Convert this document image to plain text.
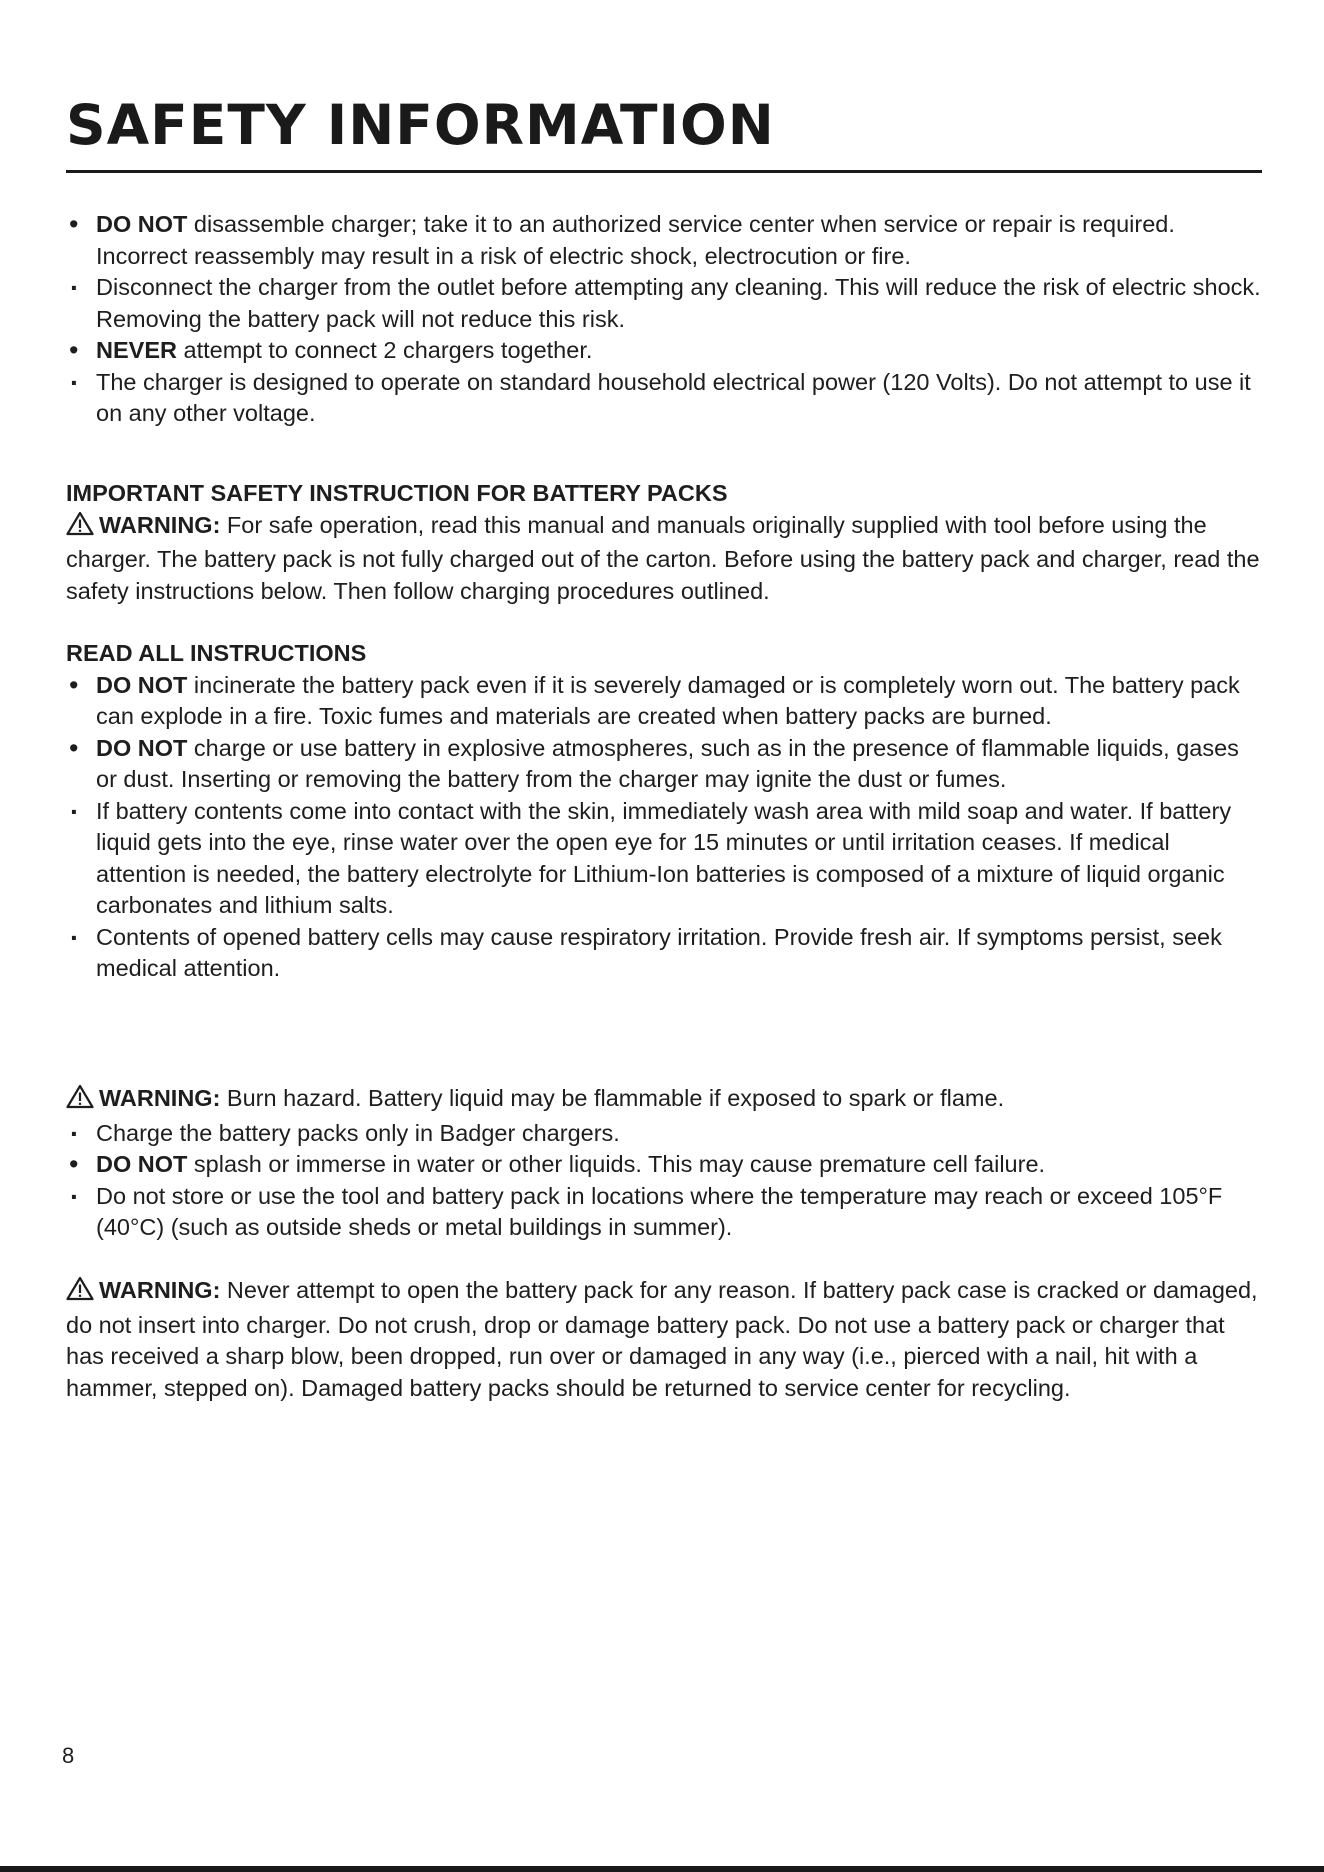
SAFETY INFORMATION
• DO NOT disassemble charger; take it to an authorized service center when service or repair is required. Incorrect reassembly may result in a risk of electric shock, electrocution or fire.
· Disconnect the charger from the outlet before attempting any cleaning. This will reduce the risk of electric shock. Removing the battery pack will not reduce this risk.
• NEVER attempt to connect 2 chargers together.
· The charger is designed to operate on standard household electrical power (120 Volts). Do not attempt to use it on any other voltage.

IMPORTANT SAFETY INSTRUCTION FOR BATTERY PACKS

WARNING: For safe operation, read this manual and manuals originally supplied with tool before using the charger. The battery pack is not fully charged out of the carton. Before using the battery pack and charger, read the safety instructions below. Then follow charging procedures outlined.

READ ALL INSTRUCTIONS

• DO NOT incinerate the battery pack even if it is severely damaged or is completely worn out. The battery pack can explode in a fire. Toxic fumes and materials are created when battery packs are burned.
• DO NOT charge or use battery in explosive atmospheres, such as in the presence of flammable liquids, gases or dust. Inserting or removing the battery from the charger may ignite the dust or fumes.
· If battery contents come into contact with the skin, immediately wash area with mild soap and water. If battery liquid gets into the eye, rinse water over the open eye for 15 minutes or until irritation ceases. If medical attention is needed, the battery electrolyte for Lithium-Ion batteries is composed of a mixture of liquid organic carbonates and lithium salts.
· Contents of opened battery cells may cause respiratory irritation. Provide fresh air. If symptoms persist, seek medical attention.

WARNING: Burn hazard. Battery liquid may be flammable if exposed to spark or flame.

· Charge the battery packs only in Badger chargers.
• DO NOT splash or immerse in water or other liquids. This may cause premature cell failure.
· Do not store or use the tool and battery pack in locations where the temperature may reach or exceed 105°F (40°C) (such as outside sheds or metal buildings in summer).

WARNING: Never attempt to open the battery pack for any reason. If battery pack case is cracked or damaged, do not insert into charger. Do not crush, drop or damage battery pack. Do not use a battery pack or charger that has received a sharp blow, been dropped, run over or damaged in any way (i.e., pierced with a nail, hit with a hammer, stepped on). Damaged battery packs should be returned to service center for recycling.

8
